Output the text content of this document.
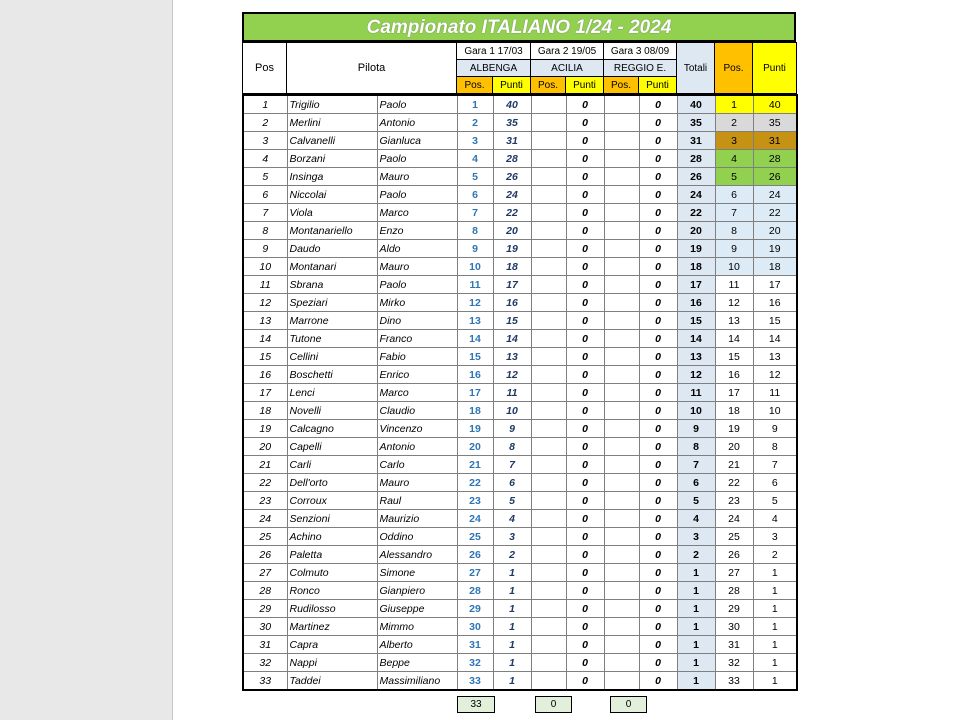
Campionato ITALIANO 1/24 - 2024
Pos	Pilota	Gara 1 17/03		Gara 2 19/05		Gara 3 08/09		Totali	Pos.	Punti
		ALBENGA		ACILIA		REGGIO E.				
		Pos.	Punti	Pos.	Punti	Pos.	Punti			
1	Trigilio	Paolo	1	40		0		0	40	1	40
2	Merlini	Antonio	2	35		0		0	35	2	35
3	Calvanelli	Gianluca	3	31		0		0	31	3	31
4	Borzani	Paolo	4	28		0		0	28	4	28
5	Insinga	Mauro	5	26		0		0	26	5	26
6	Niccolai	Paolo	6	24		0		0	24	6	24
7	Viola	Marco	7	22		0		0	22	7	22
8	Montanariello	Enzo	8	20		0		0	20	8	20
9	Daudo	Aldo	9	19		0		0	19	9	19
10	Montanari	Mauro	10	18		0		0	18	10	18
11	Sbrana	Paolo	11	17		0		0	17	11	17
12	Speziari	Mirko	12	16		0		0	16	12	16
13	Marrone	Dino	13	15		0		0	15	13	15
14	Tutone	Franco	14	14		0		0	14	14	14
15	Cellini	Fabio	15	13		0		0	13	15	13
16	Boschetti	Enrico	16	12		0		0	12	16	12
17	Lenci	Marco	17	11		0		0	11	17	11
18	Novelli	Claudio	18	10		0		0	10	18	10
19	Calcagno	Vincenzo	19	9		0		0	9	19	9
20	Capelli	Antonio	20	8		0		0	8	20	8
21	Carli	Carlo	21	7		0		0	7	21	7
22	Dell'orto	Mauro	22	6		0		0	6	22	6
23	Corroux	Raul	23	5		0		0	5	23	5
24	Senzioni	Maurizio	24	4		0		0	4	24	4
25	Achino	Oddino	25	3		0		0	3	25	3
26	Paletta	Alessandro	26	2		0		0	2	26	2
27	Colmuto	Simone	27	1		0		0	1	27	1
28	Ronco	Gianpiero	28	1		0		0	1	28	1
29	Rudilosso	Giuseppe	29	1		0		0	1	29	1
30	Martinez	Mimmo	30	1		0		0	1	30	1
31	Capra	Alberto	31	1		0		0	1	31	1
32	Nappi	Beppe	32	1		0		0	1	32	1
33	Taddei	Massimiliano	33	1		0		0	1	33	1
33	0	0
